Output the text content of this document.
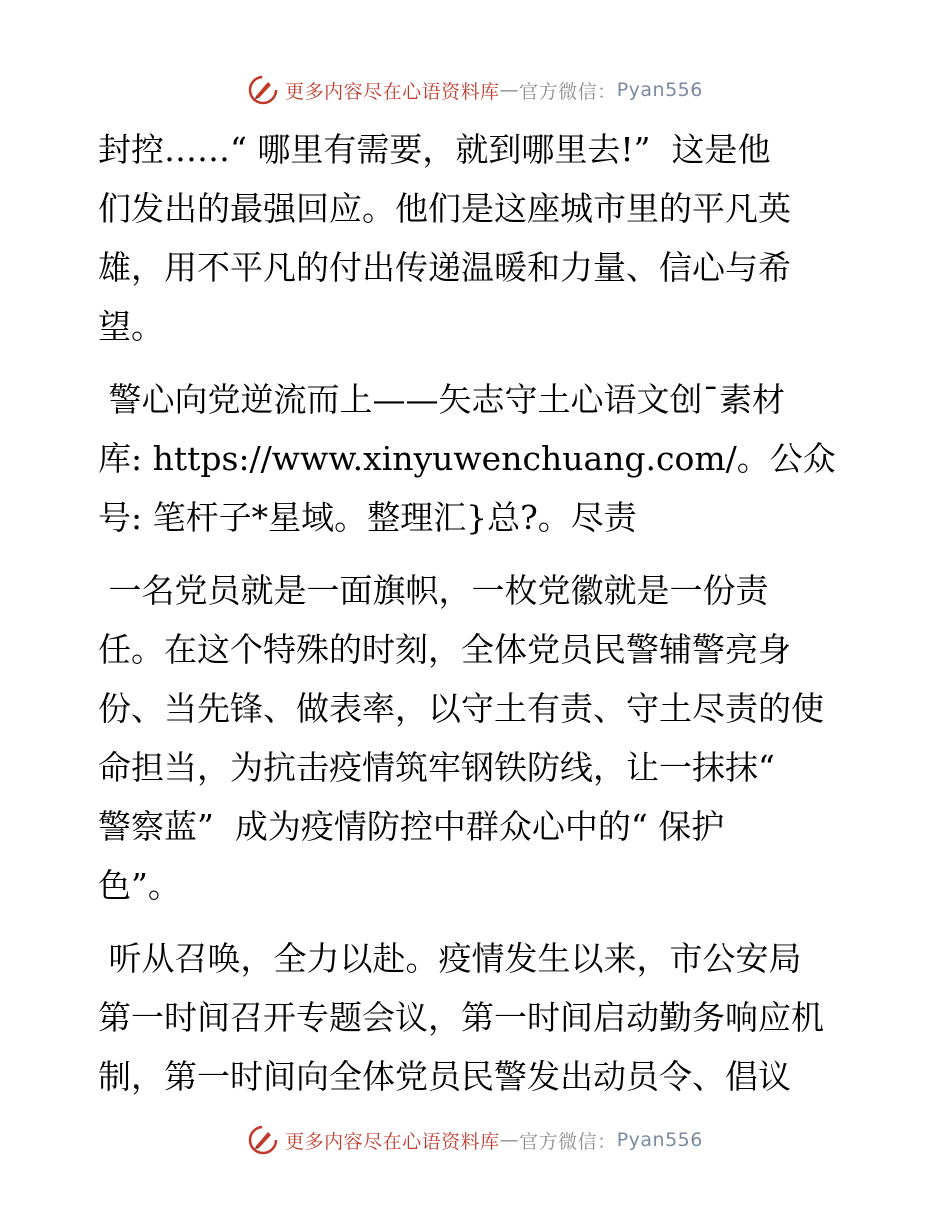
更多内容尽在心语资料库 — 官方微信： Pyan556
封控……“ 哪里有需要，就到哪里去!”  这是他
们发出的最强回应。他们是这座城市里的平凡英
雄，用不平凡的付出传递温暖和力量、信心与希
望。
警心向党逆流而上——矢志守土心语文创¯素材
库: https://www.xinyuwenchuang.com/。公众
号: 笔杆子*星域。整理汇}总?。尽责
一名党员就是一面旗帜，一枚党徽就是一份责
任。在这个特殊的时刻，全体党员民警辅警亮身
份、当先锋、做表率，以守土有责、守土尽责的使
命担当，为抗击疫情筑牢钢铁防线，让一抹抹“
警察蓝”  成为疫情防控中群众心中的“ 保护
色”。
听从召唤，全力以赴。疫情发生以来，市公安局
第一时间召开专题会议，第一时间启动勤务响应机
制，第一时间向全体党员民警发出动员令、倡议
更多内容尽在心语资料库 — 官方微信： Pyan556
